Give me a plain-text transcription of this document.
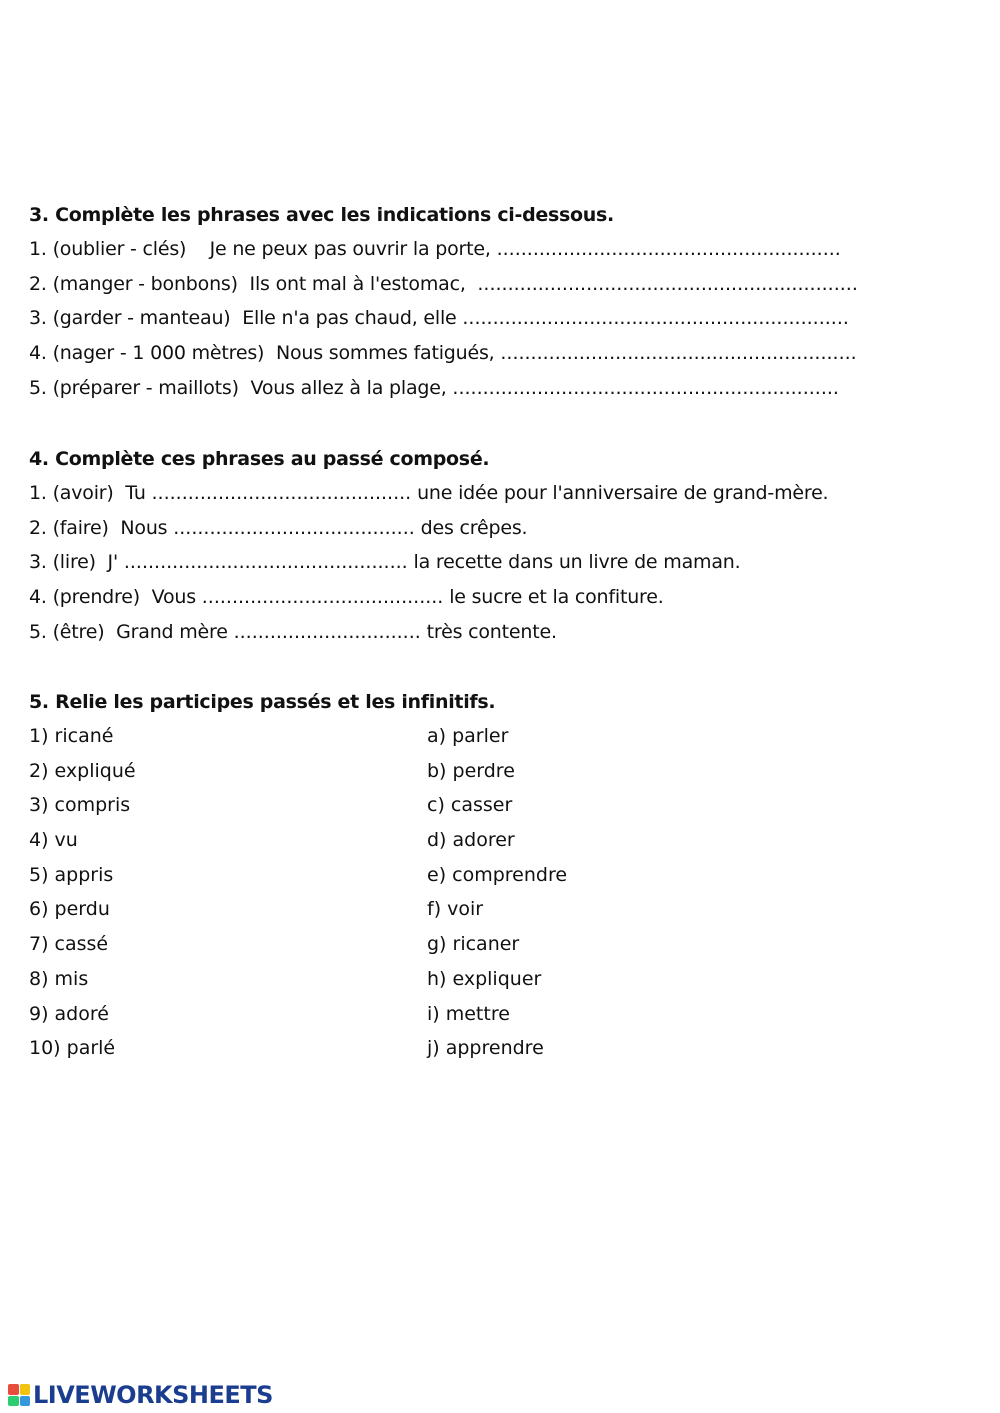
3. Complète les phrases avec les indications ci-dessous.
1. (oublier - clés) Je ne peux pas ouvrir la porte, .........................................................
2. (manger - bonbons) Ils ont mal à l'estomac, ...............................................................
3. (garder - manteau) Elle n'a pas chaud, elle ................................................................
4. (nager - 1 000 mètres) Nous sommes fatigués, ...........................................................
5. (préparer - maillots) Vous allez à la plage, ................................................................
4. Complète ces phrases au passé composé.
1. (avoir) Tu ........................................... une idée pour l'anniversaire de grand-mère.
2. (faire) Nous ........................................ des crêpes.
3. (lire) J' ............................................... la recette dans un livre de maman.
4. (prendre) Vous ........................................ le sucre et la confiture.
5. (être) Grand mère ............................... très contente.
5. Relie les participes passés et les infinitifs.
1) ricané	a) parler
2) expliqué	b) perdre
3) compris	c) casser
4) vu	d) adorer
5) appris	e) comprendre
6) perdu	f) voir
7) cassé	g) ricaner
8) mis	h) expliquer
9) adoré	i) mettre
10) parlé	j) apprendre
LIVEWORKSHEETS
